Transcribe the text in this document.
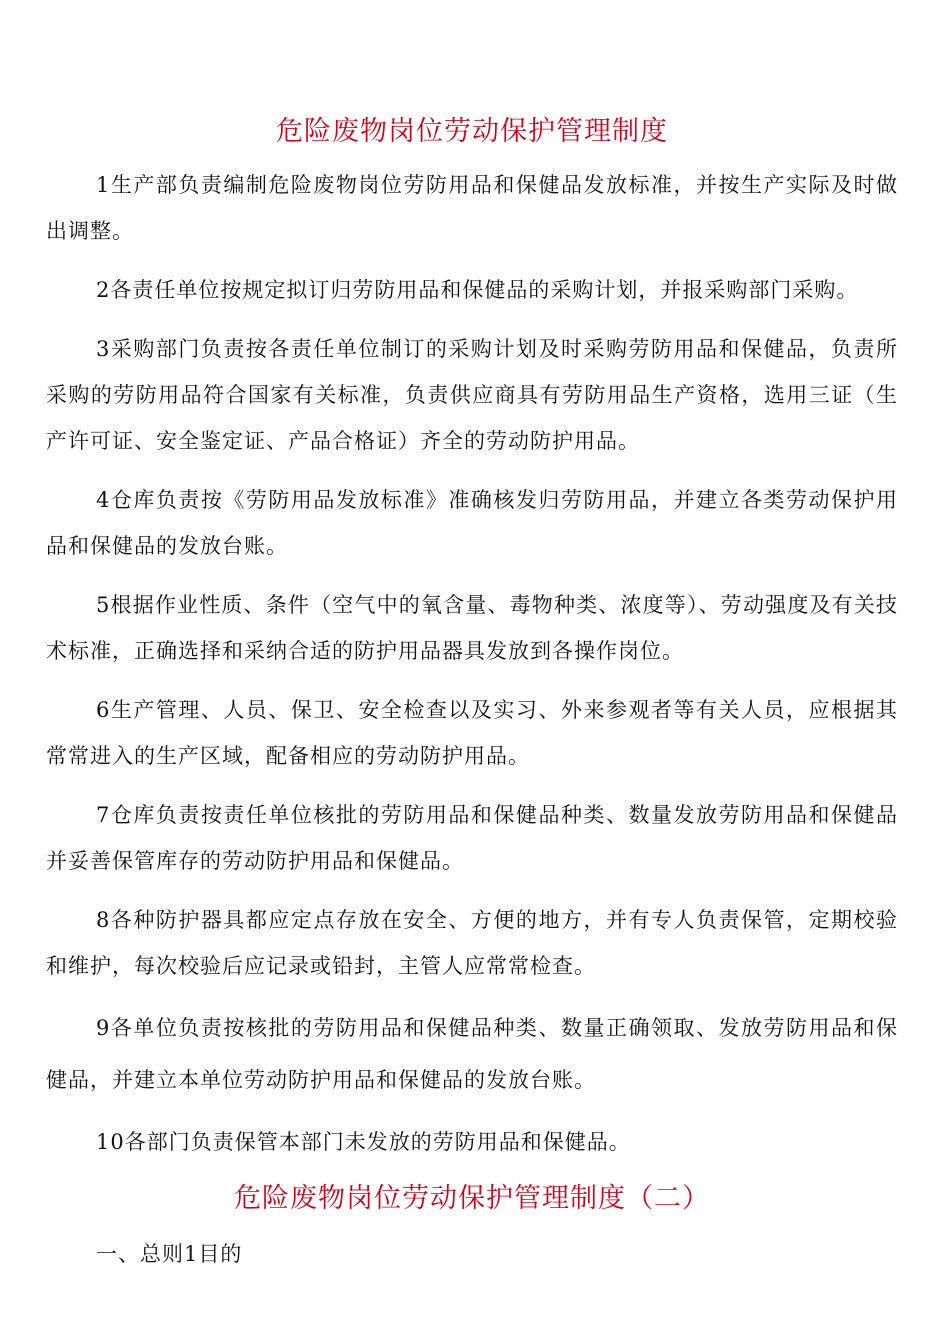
危险废物岗位劳动保护管理制度

1生产部负责编制危险废物岗位劳防用品和保健品发放标准，并按生产实际及时做出调整。

2各责任单位按规定拟订归劳防用品和保健品的采购计划，并报采购部门采购。

3采购部门负责按各责任单位制订的采购计划及时采购劳防用品和保健品，负责所采购的劳防用品符合国家有关标准，负责供应商具有劳防用品生产资格，选用三证（生产许可证、安全鉴定证、产品合格证）齐全的劳动防护用品。

4仓库负责按《劳防用品发放标准》准确核发归劳防用品，并建立各类劳动保护用品和保健品的发放台账。

5根据作业性质、条件（空气中的氧含量、毒物种类、浓度等）、劳动强度及有关技术标准，正确选择和采纳合适的防护用品器具发放到各操作岗位。

6生产管理、人员、保卫、安全检查以及实习、外来参观者等有关人员，应根据其常常进入的生产区域，配备相应的劳动防护用品。

7仓库负责按责任单位核批的劳防用品和保健品种类、数量发放劳防用品和保健品并妥善保管库存的劳动防护用品和保健品。

8各种防护器具都应定点存放在安全、方便的地方，并有专人负责保管，定期校验和维护，每次校验后应记录或铅封，主管人应常常检查。

9各单位负责按核批的劳防用品和保健品种类、数量正确领取、发放劳防用品和保健品，并建立本单位劳动防护用品和保健品的发放台账。

10各部门负责保管本部门未发放的劳防用品和保健品。

危险废物岗位劳动保护管理制度（二）

一、总则1目的
